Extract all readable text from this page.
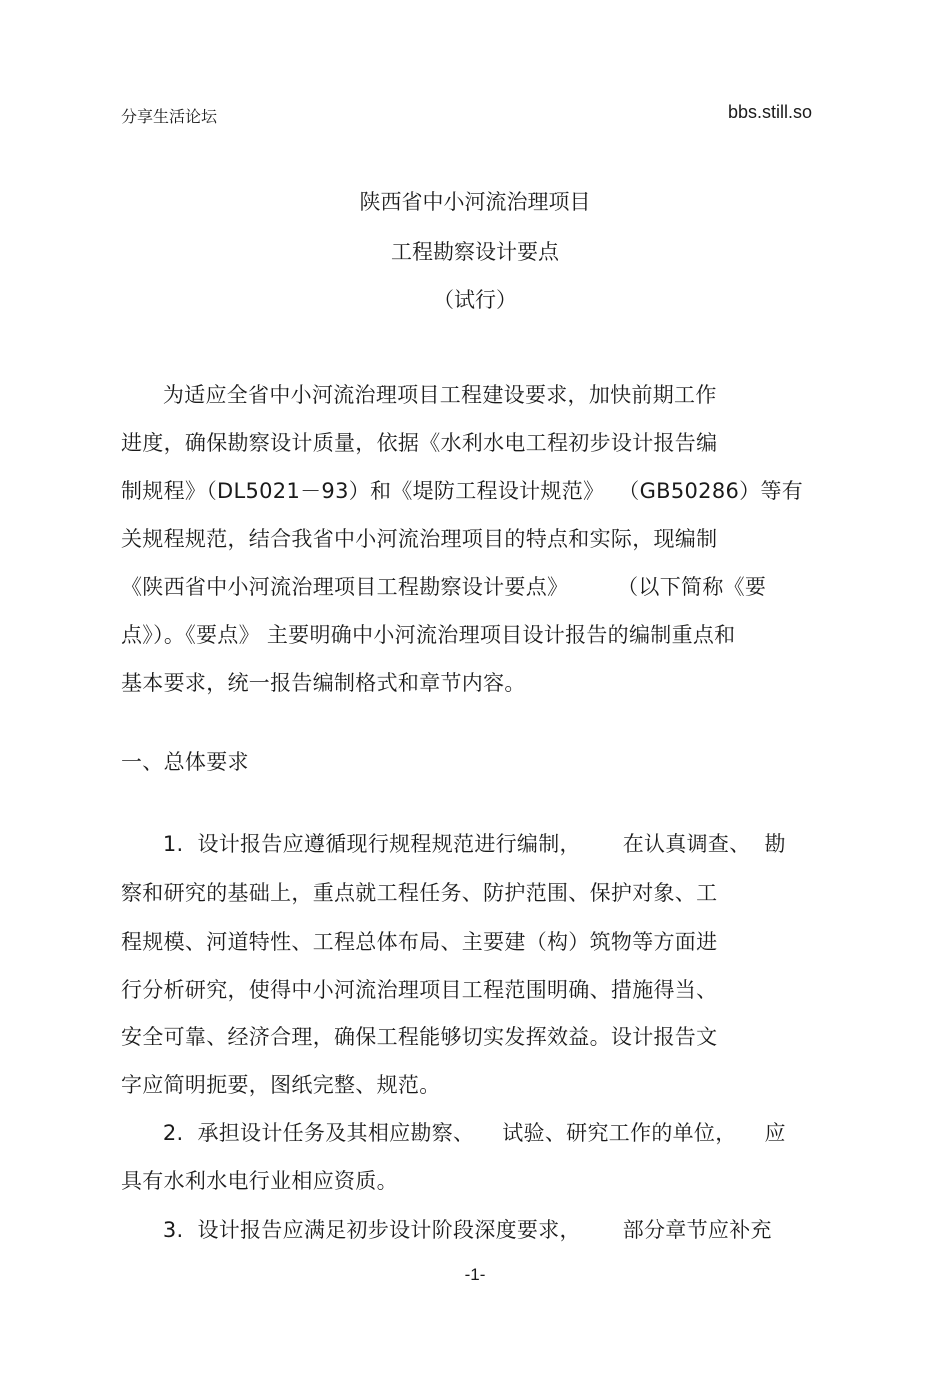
分享生活论坛	bbs.still.so
陕西省中小河流治理项目
工程勘察设计要点
（试行）
为适应全省中小河流治理项目工程建设要求，加快前期工作
进度，确保勘察设计质量，依据《水利水电工程初步设计报告编
制规程》（DL5021－93）和《堤防工程设计规范》  （GB50286）等有
关规程规范，结合我省中小河流治理项目的特点和实际，现编制
《陕西省中小河流治理项目工程勘察设计要点》       （以下简称《要
点》）。《要点》 主要明确中小河流治理项目设计报告的编制重点和
基本要求，统一报告编制格式和章节内容。
一、总体要求
1.  设计报告应遵循现行规程规范进行编制，      在认真调查、  勘
察和研究的基础上，重点就工程任务、防护范围、保护对象、工
程规模、河道特性、工程总体布局、主要建（构）筑物等方面进
行分析研究，使得中小河流治理项目工程范围明确、措施得当、
安全可靠、经济合理，确保工程能够切实发挥效益。设计报告文
字应简明扼要，图纸完整、规范。
2.  承担设计任务及其相应勘察、    试验、研究工作的单位，    应
具有水利水电行业相应资质。
3.  设计报告应满足初步设计阶段深度要求，      部分章节应补充
-1-
